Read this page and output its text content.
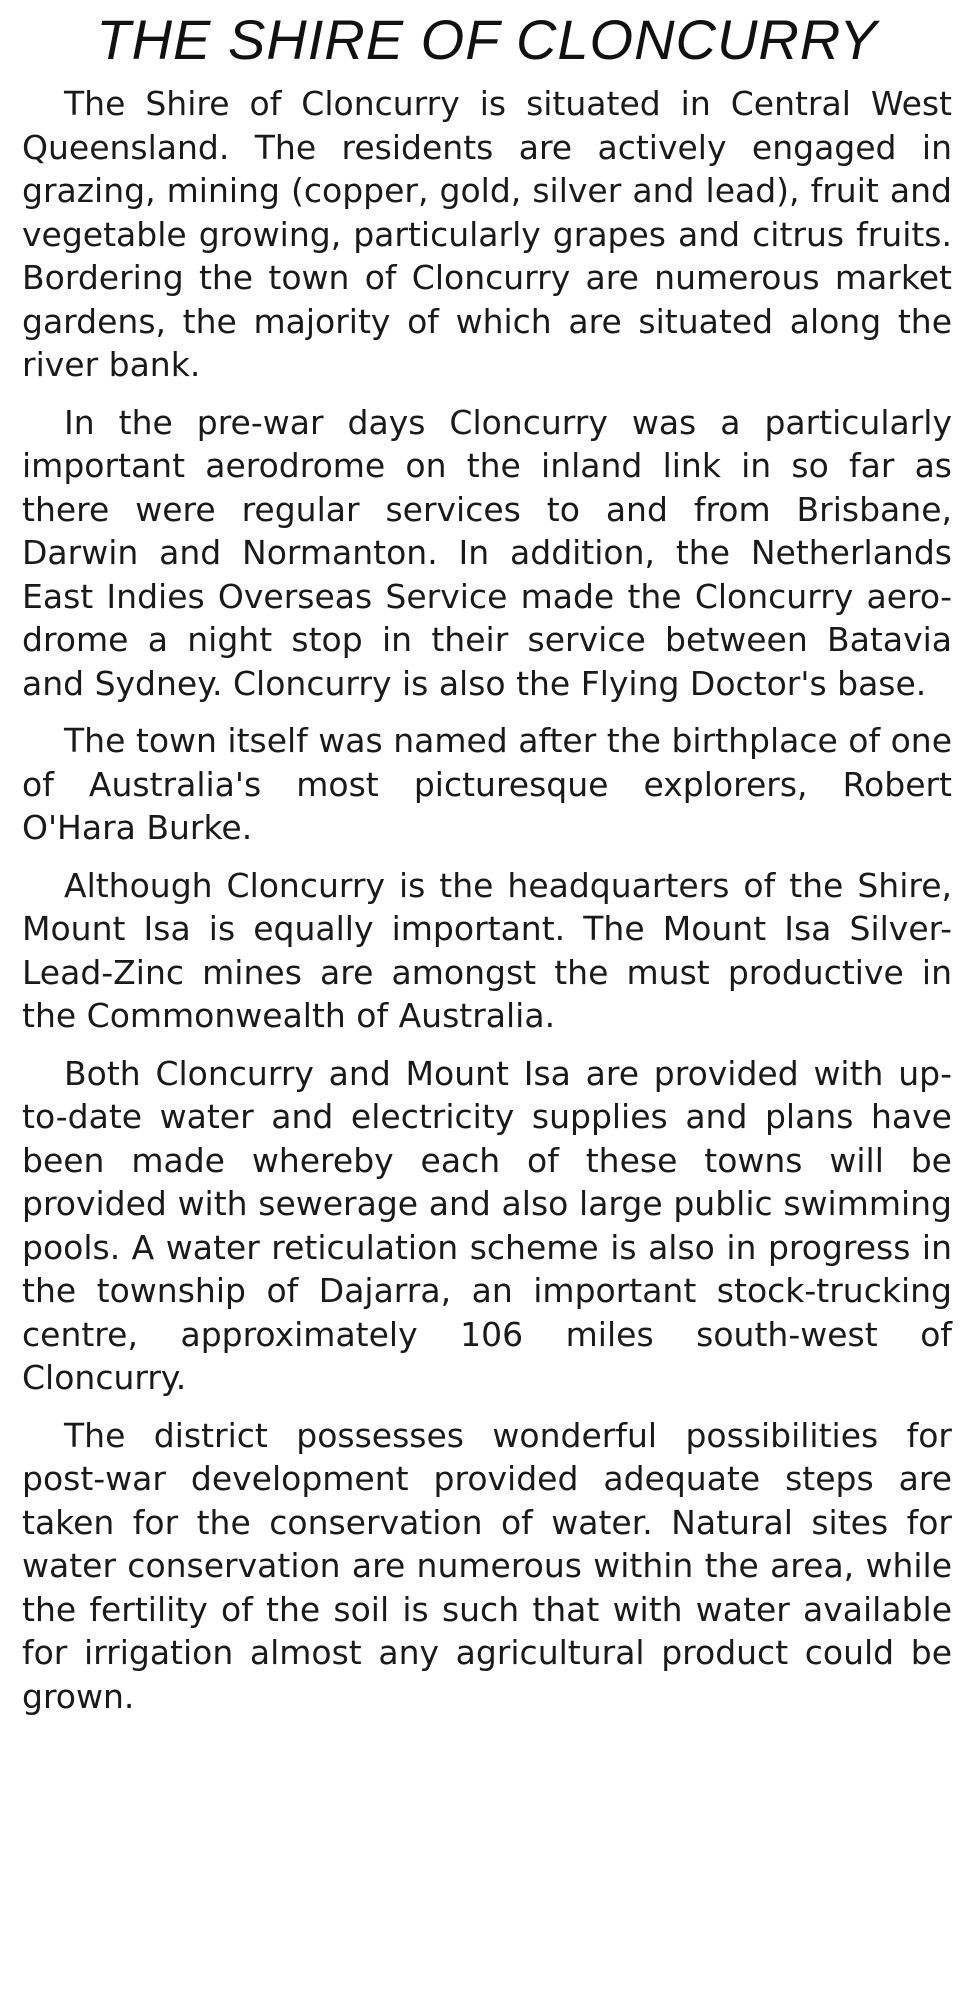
THE SHIRE OF CLONCURRY

The Shire of Cloncurry is situated in Central West Queensland. The residents are actively engaged in grazing, mining (copper, gold, silver and lead), fruit and vegetable growing, particularly grapes and citrus fruits. Bordering the town of Cloncurry are numerous market gardens, the majority of which are situated along the river bank.

In the pre-war days Cloncurry was a particularly important aerodrome on the inland link in so far as there were regular services to and from Brisbane, Darwin and Normanton. In addition, the Netherlands East Indies Overseas Service made the Cloncurry aerodrome a night stop in their service between Batavia and Sydney. Cloncurry is also the Flying Doctor's base.

The town itself was named after the birthplace of one of Australia's most picturesque explorers, Robert O'Hara Burke.

Although Cloncurry is the headquarters of the Shire, Mount Isa is equally important. The Mount Isa Silver-Lead-Zinc mines are amongst the must productive in the Commonwealth of Australia.

Both Cloncurry and Mount Isa are provided with up-to-date water and electricity supplies and plans have been made whereby each of these towns will be provided with sewerage and also large public swimming pools. A water reticulation scheme is also in progress in the township of Dajarra, an important stock-trucking centre, approximately 106 miles south-west of Cloncurry.

The district possesses wonderful possibilities for post-war development provided adequate steps are taken for the conservation of water. Natural sites for water conservation are numerous within the area, while the fertility of the soil is such that with water available for irrigation almost any agricultural product could be grown.
